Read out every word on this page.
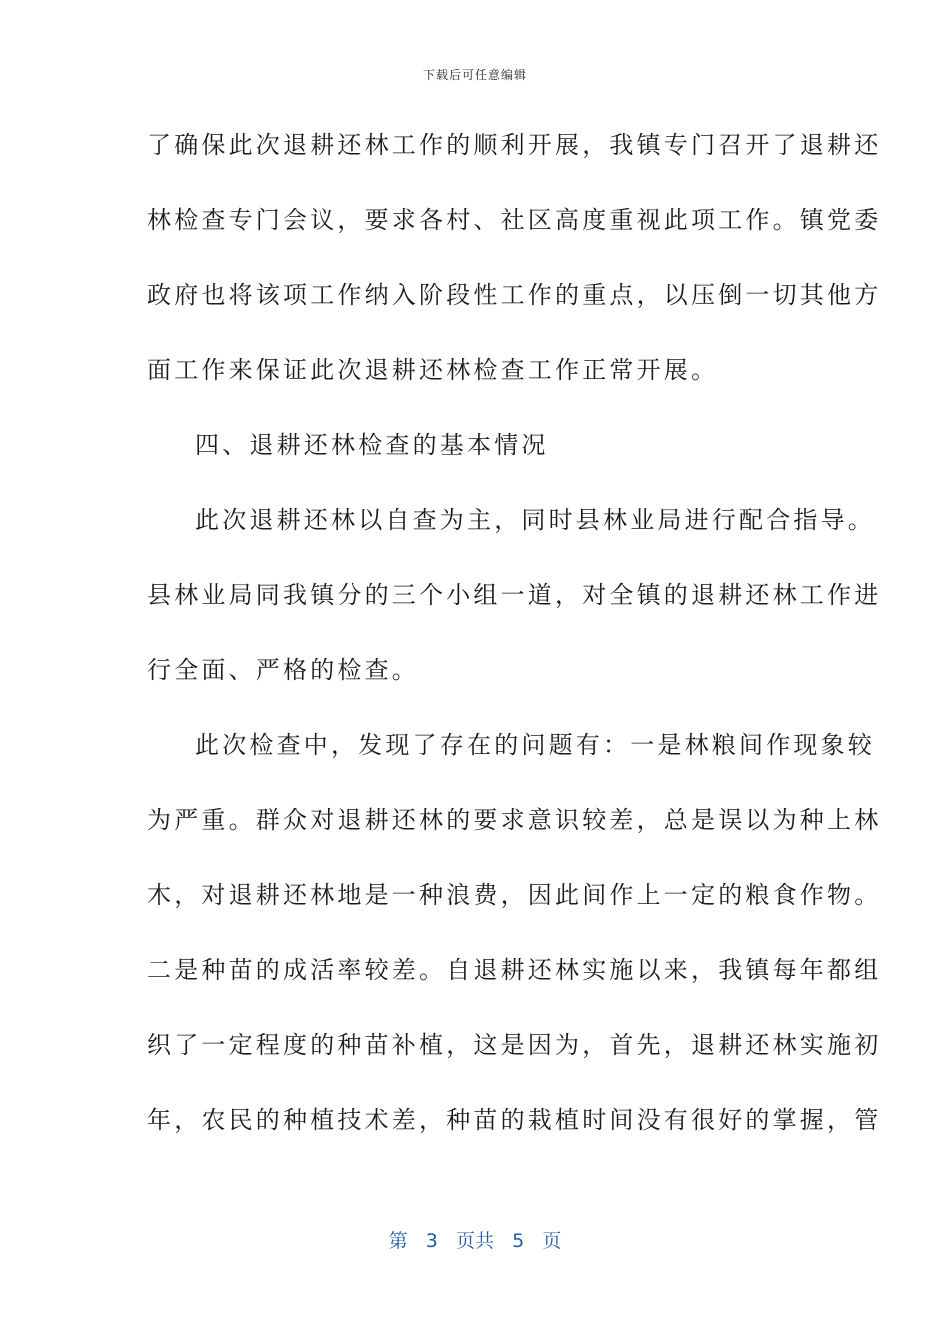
下载后可任意编辑
了确保此次退耕还林工作的顺利开展，我镇专门召开了退耕还
林检查专门会议，要求各村、社区高度重视此项工作。镇党委
政府也将该项工作纳入阶段性工作的重点，以压倒一切其他方
面工作来保证此次退耕还林检查工作正常开展。
四、退耕还林检查的基本情况
此次退耕还林以自查为主，同时县林业局进行配合指导。
县林业局同我镇分的三个小组一道，对全镇的退耕还林工作进
行全面、严格的检查。
此次检查中，发现了存在的问题有：一是林粮间作现象较
为严重。群众对退耕还林的要求意识较差，总是误以为种上林
木，对退耕还林地是一种浪费，因此间作上一定的粮食作物。
二是种苗的成活率较差。自退耕还林实施以来，我镇每年都组
织了一定程度的种苗补植，这是因为，首先，退耕还林实施初
年，农民的种植技术差，种苗的栽植时间没有很好的掌握，管
第 3 页共 5 页
